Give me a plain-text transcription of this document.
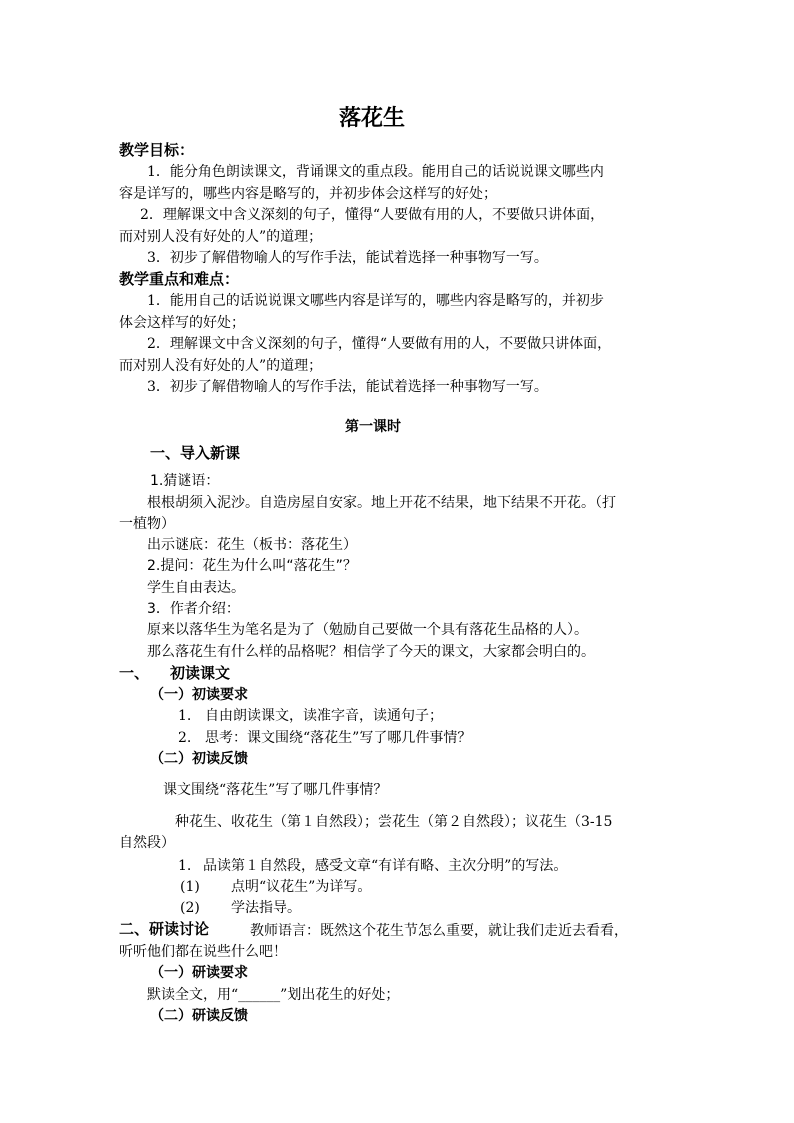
落花生
教学目标：
1．能分角色朗读课文，背诵课文的重点段。能用自己的话说说课文哪些内
容是详写的，哪些内容是略写的，并初步体会这样写的好处；
2．理解课文中含义深刻的句子，懂得“人要做有用的人，不要做只讲体面，
而对别人没有好处的人”的道理；
3．初步了解借物喻人的写作手法，能试着选择一种事物写一写。
教学重点和难点：
1．能用自己的话说说课文哪些内容是详写的，哪些内容是略写的，并初步
体会这样写的好处；
2．理解课文中含义深刻的句子，懂得“人要做有用的人，不要做只讲体面，
而对别人没有好处的人”的道理；
3．初步了解借物喻人的写作手法，能试着选择一种事物写一写。
第一课时
一、导入新课
1.猜谜语：
根根胡须入泥沙。自造房屋自安家。地上开花不结果，地下结果不开花。（打
一植物）
出示谜底：花生（板书：落花生）
2.提问：花生为什么叫“落花生”？
学生自由表达。
3．作者介绍：
原来以落华生为笔名是为了（勉励自己要做一个具有落花生品格的人）。
那么落花生有什么样的品格呢？相信学了今天的课文，大家都会明白的。
一、 初读课文
（一）初读要求
1. 自由朗读课文，读准字音，读通句子；
2. 思考：课文围绕“落花生”写了哪几件事情？
（二）初读反馈
课文围绕“落花生”写了哪几件事情？
种花生、收花生（第１自然段）；尝花生（第２自然段）；议花生（3-15
自然段）
1. 品读第１自然段，感受文章“有详有略、主次分明”的写法。
(1) 点明“议花生”为详写。
(2) 学法指导。
二、研读讨论	教师语言：既然这个花生节怎么重要，就让我们走近去看看，
听听他们都在说些什么吧！
（一）研读要求
默读全文，用“______”划出花生的好处；
（二）研读反馈
